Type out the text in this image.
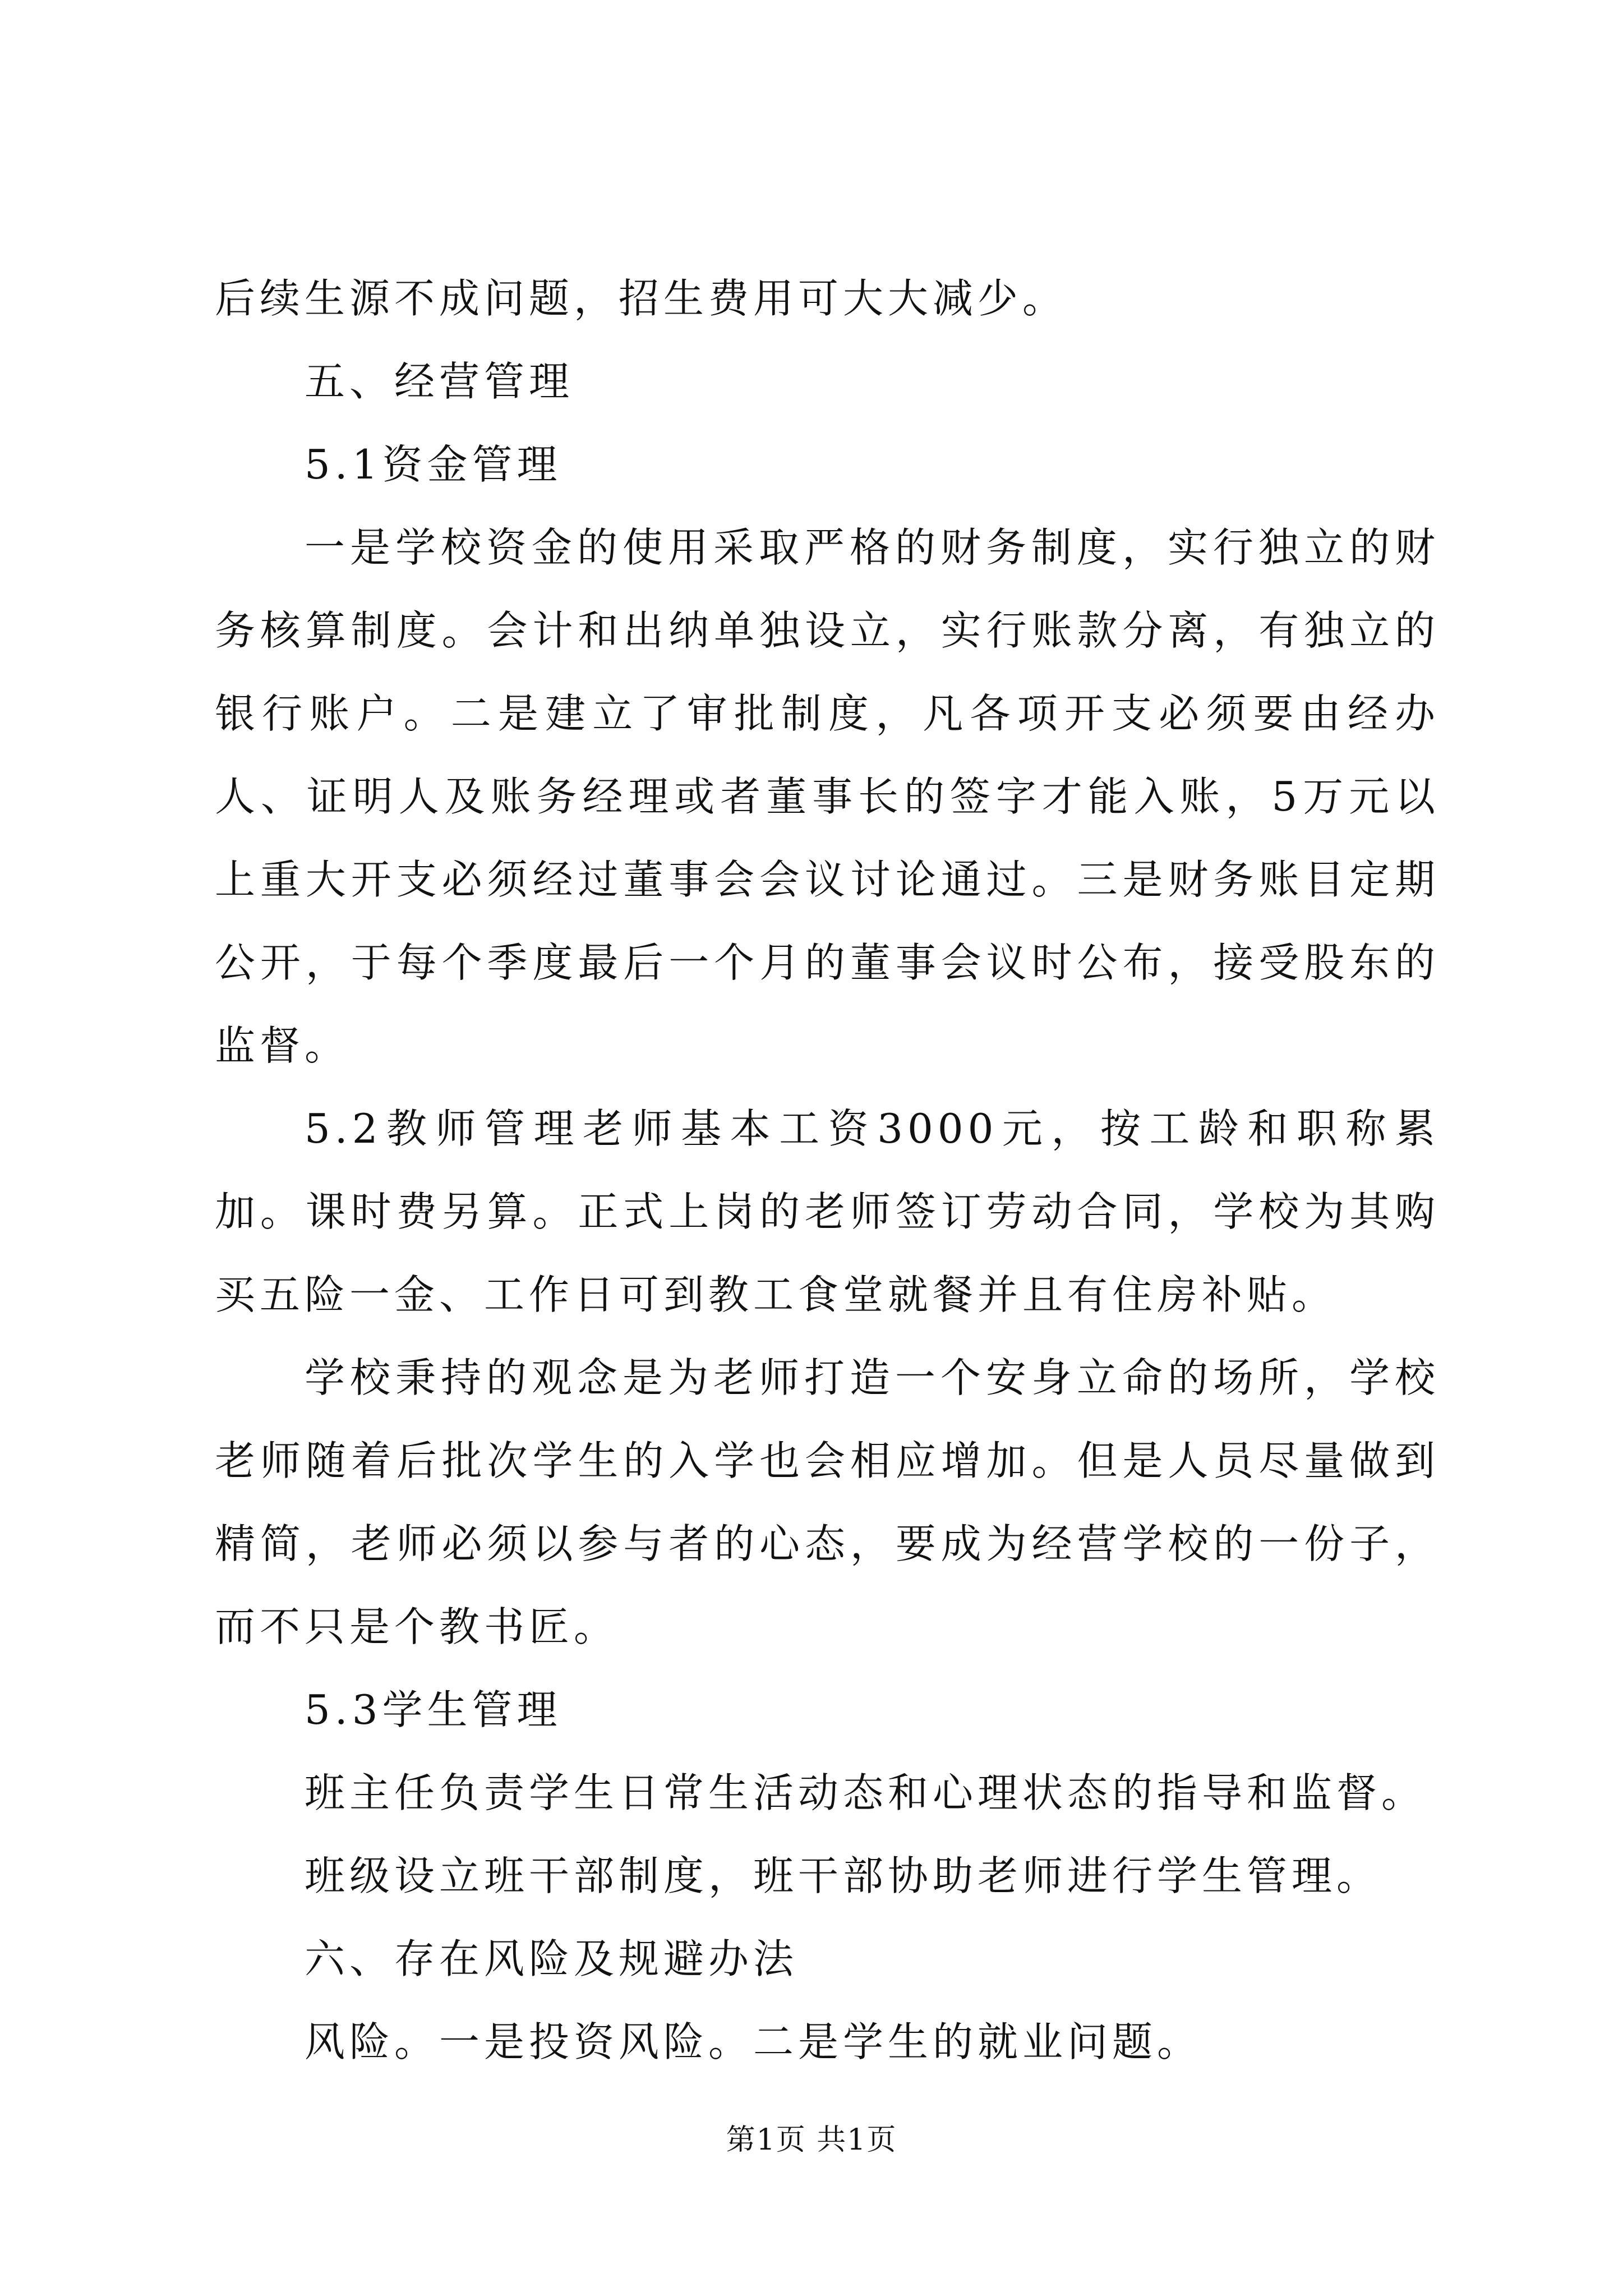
后续生源不成问题，招生费用可大大减少。

五、经营管理

5.1资金管理

一是学校资金的使用采取严格的财务制度，实行独立的财务核算制度。会计和出纳单独设立，实行账款分离，有独立的银行账户。二是建立了审批制度，凡各项开支必须要由经办人、证明人及账务经理或者董事长的签字才能入账，5万元以上重大开支必须经过董事会会议讨论通过。三是财务账目定期公开，于每个季度最后一个月的董事会议时公布，接受股东的监督。

5.2教师管理老师基本工资3000元，按工龄和职称累加。课时费另算。正式上岗的老师签订劳动合同，学校为其购买五险一金、工作日可到教工食堂就餐并且有住房补贴。

学校秉持的观念是为老师打造一个安身立命的场所，学校老师随着后批次学生的入学也会相应增加。但是人员尽量做到精简，老师必须以参与者的心态，要成为经营学校的一份子，而不只是个教书匠。

5.3学生管理

班主任负责学生日常生活动态和心理状态的指导和监督。

班级设立班干部制度，班干部协助老师进行学生管理。

六、存在风险及规避办法

风险。一是投资风险。二是学生的就业问题。

第1页 共1页
